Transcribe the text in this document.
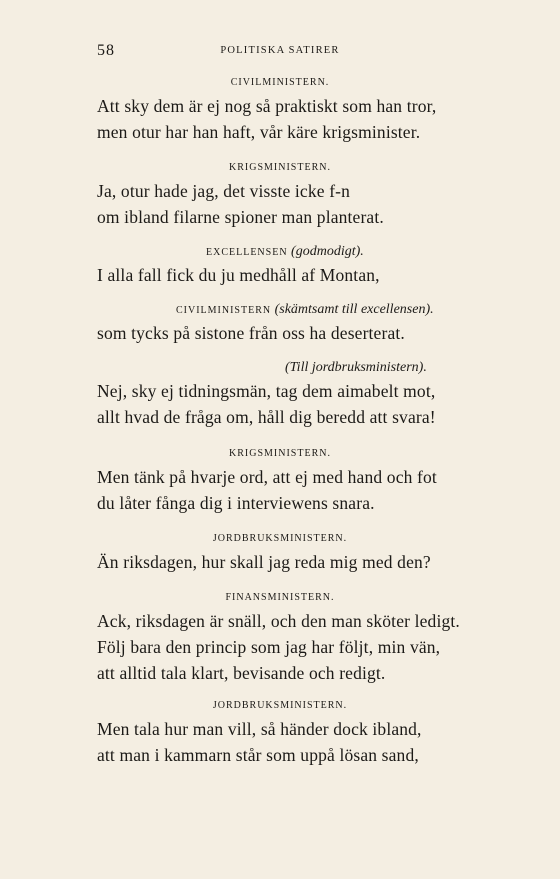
58	POLITISKA SATIRER
CIVILMINISTERN.
Att sky dem är ej nog så praktiskt som han tror,
men otur har han haft, vår käre krigsminister.
KRIGSMINISTERN.
Ja, otur hade jag, det visste icke f-n
om ibland filarne spioner man planterat.
EXCELLENSEN (godmodigt).
I alla fall fick du ju medhåll af Montan,
CIVILMINISTERN (skämtsamt till excellensen).
som tycks på sistone från oss ha deserterat.
(Till jordbruksministern).
Nej, sky ej tidningsmän, tag dem aimabelt mot,
allt hvad de fråga om, håll dig beredd att svara!
KRIGSMINISTERN.
Men tänk på hvarje ord, att ej med hand och fot
du låter fånga dig i interviewens snara.
JORDBRUKSMINISTERN.
Än riksdagen, hur skall jag reda mig med den?
FINANSMINISTERN.
Ack, riksdagen är snäll, och den man sköter ledigt.
Följ bara den princip som jag har följt, min vän,
att alltid tala klart, bevisande och redigt.
JORDBRUKSMINISTERN.
Men tala hur man vill, så händer dock ibland,
att man i kammarn står som uppå lösan sand,
